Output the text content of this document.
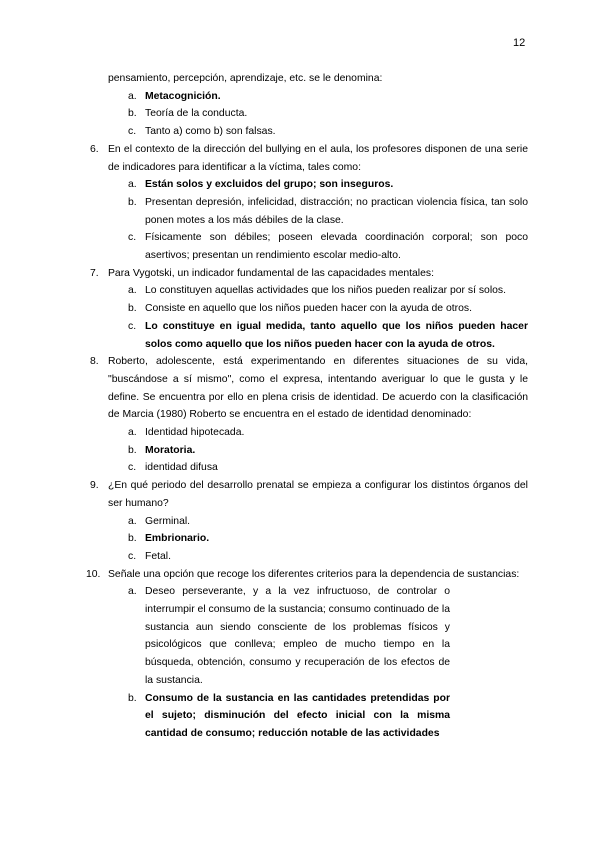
12
pensamiento, percepción, aprendizaje, etc. se le denomina:
a. Metacognición.
b. Teoría de la conducta.
c. Tanto a) como b) son falsas.
6. En el contexto de la dirección del bullying en el aula, los profesores disponen de una serie de indicadores para identificar a la víctima, tales como:
a. Están solos y excluidos del grupo; son inseguros.
b. Presentan depresión, infelicidad, distracción; no practican violencia física, tan solo ponen motes a los más débiles de la clase.
c. Físicamente son débiles; poseen elevada coordinación corporal; son poco asertivos; presentan un rendimiento escolar medio-alto.
7. Para Vygotski, un indicador fundamental de las capacidades mentales:
a. Lo constituyen aquellas actividades que los niños pueden realizar por sí solos.
b. Consiste en aquello que los niños pueden hacer con la ayuda de otros.
c. Lo constituye en igual medida, tanto aquello que los niños pueden hacer solos como aquello que los niños pueden hacer con la ayuda de otros.
8. Roberto, adolescente, está experimentando en diferentes situaciones de su vida, "buscándose a sí mismo", como el expresa, intentando averiguar lo que le gusta y le define. Se encuentra por ello en plena crisis de identidad. De acuerdo con la clasificación de Marcia (1980) Roberto se encuentra en el estado de identidad denominado:
a. Identidad hipotecada.
b. Moratoria.
c. identidad difusa
9. ¿En qué periodo del desarrollo prenatal se empieza a configurar los distintos órganos del ser humano?
a. Germinal.
b. Embrionario.
c. Fetal.
10. Señale una opción que recoge los diferentes criterios para la dependencia de sustancias:
a. Deseo perseverante, y a la vez infructuoso, de controlar o interrumpir el consumo de la sustancia; consumo continuado de la sustancia aun siendo consciente de los problemas físicos y psicológicos que conlleva; empleo de mucho tiempo en la búsqueda, obtención, consumo y recuperación de los efectos de la sustancia.
b. Consumo de la sustancia en las cantidades pretendidas por el sujeto; disminución del efecto inicial con la misma cantidad de consumo; reducción notable de las actividades
